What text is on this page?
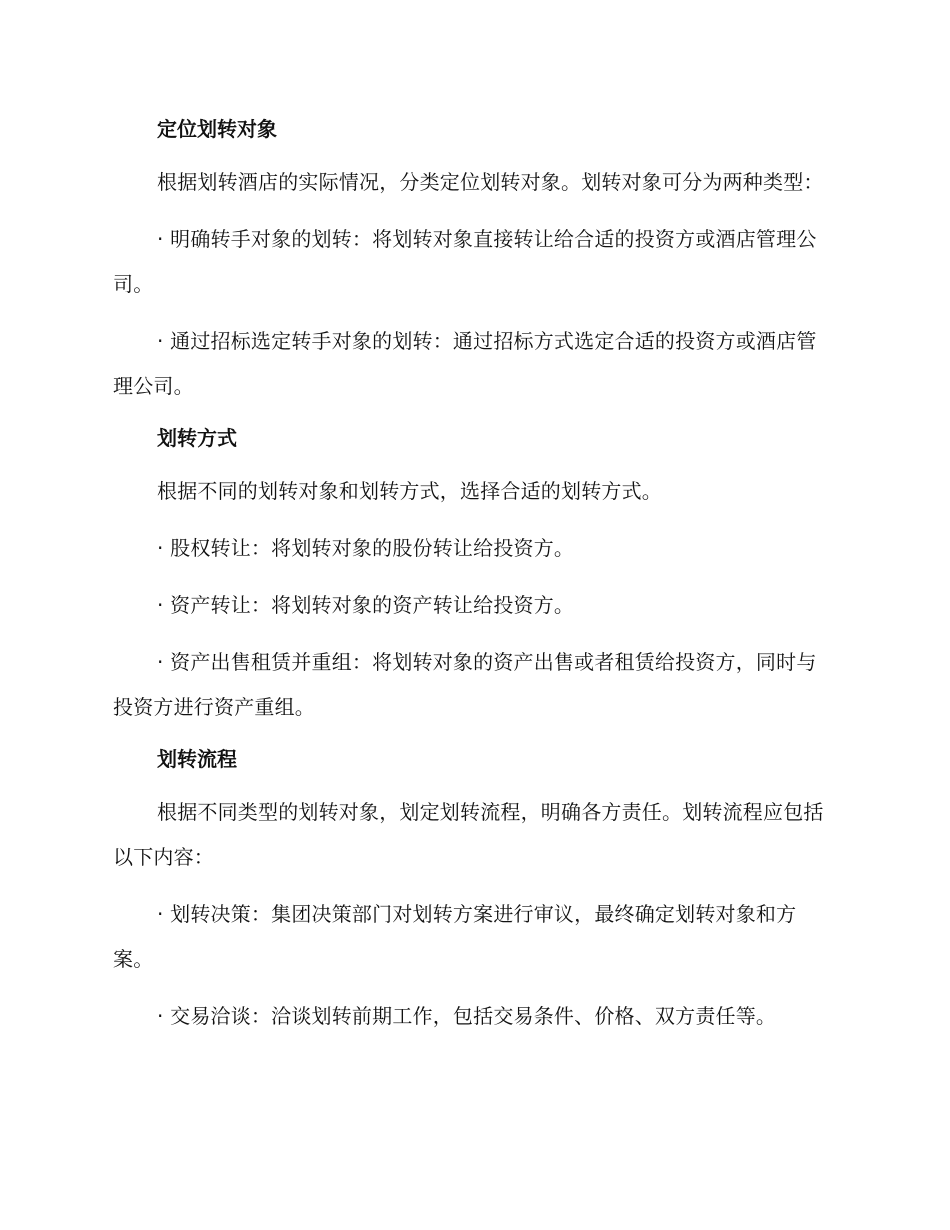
定位划转对象

根据划转酒店的实际情况，分类定位划转对象。划转对象可分为两种类型：

· 明确转手对象的划转：将划转对象直接转让给合适的投资方或酒店管理公司。

· 通过招标选定转手对象的划转：通过招标方式选定合适的投资方或酒店管理公司。

划转方式

根据不同的划转对象和划转方式，选择合适的划转方式。

· 股权转让：将划转对象的股份转让给投资方。

· 资产转让：将划转对象的资产转让给投资方。

· 资产出售租赁并重组：将划转对象的资产出售或者租赁给投资方，同时与投资方进行资产重组。

划转流程

根据不同类型的划转对象，划定划转流程，明确各方责任。划转流程应包括以下内容：

· 划转决策：集团决策部门对划转方案进行审议，最终确定划转对象和方案。

· 交易洽谈：洽谈划转前期工作，包括交易条件、价格、双方责任等。
